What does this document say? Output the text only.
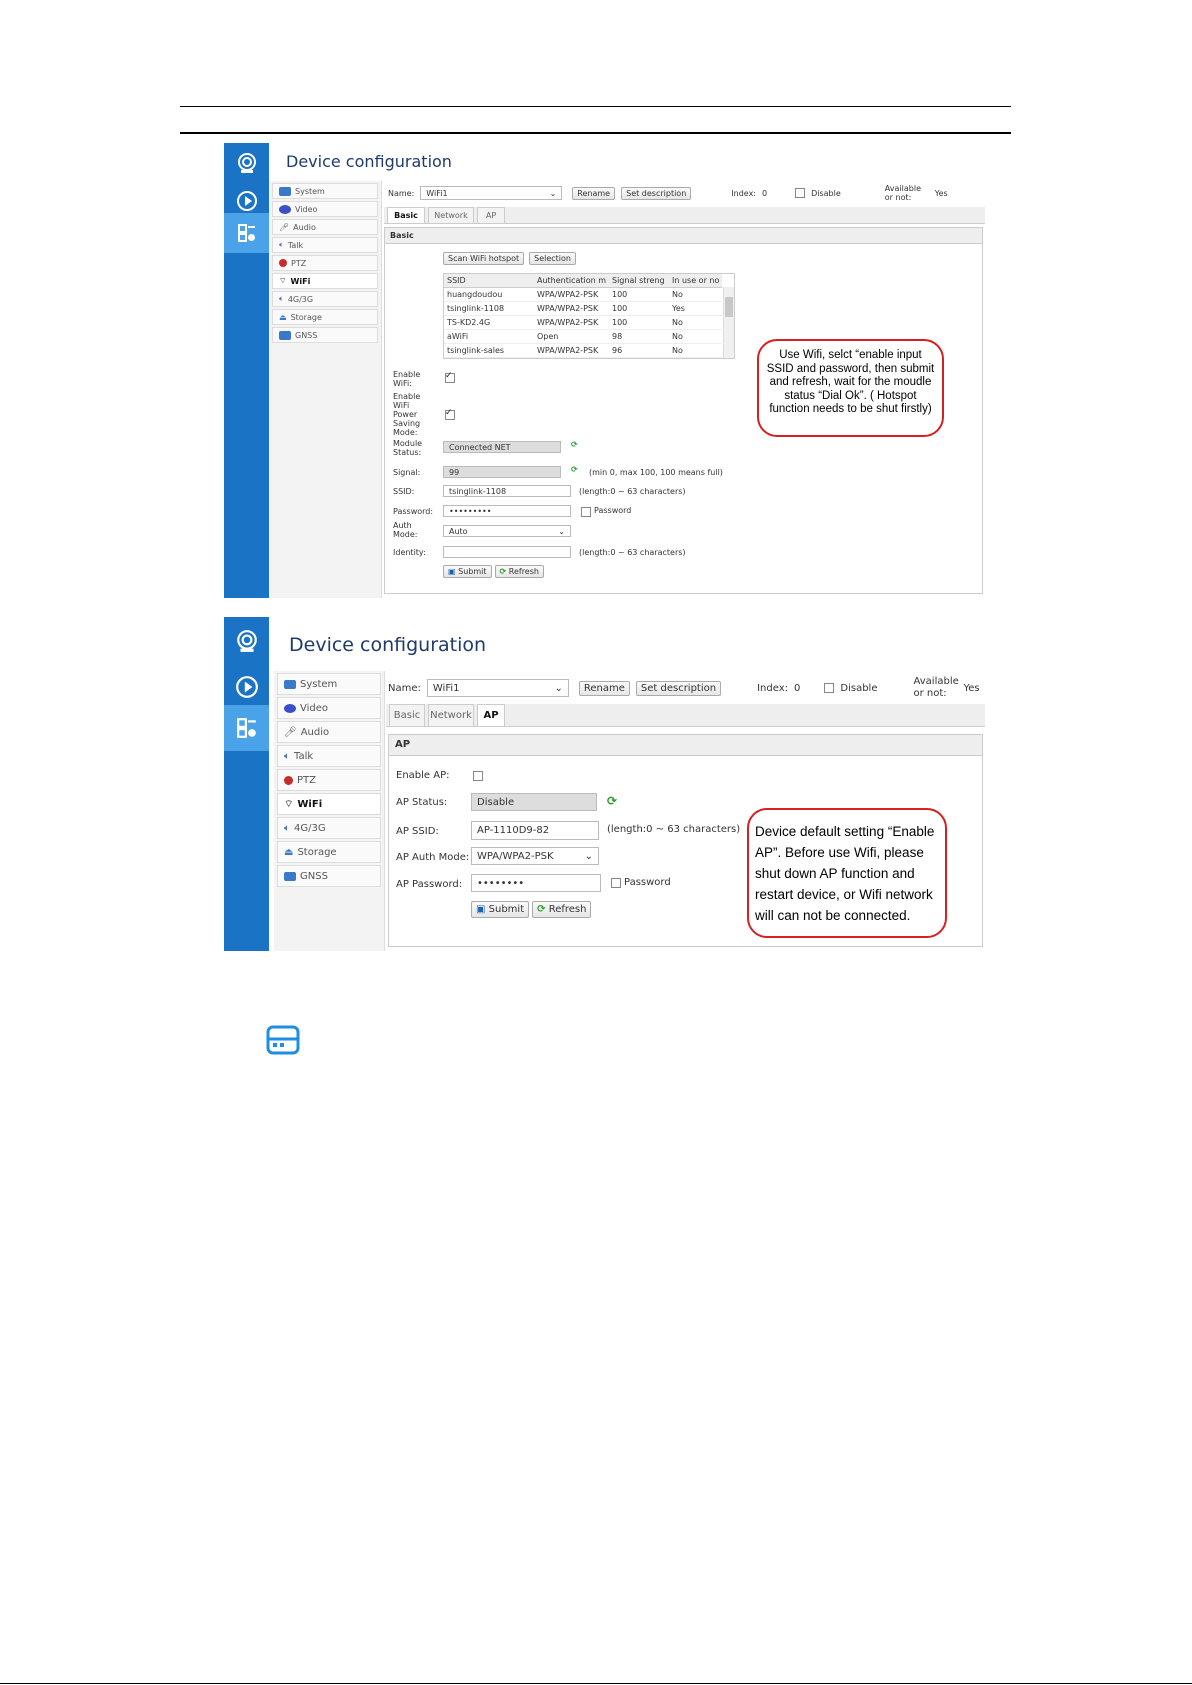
Device configuration
System
Video
🎤︎ Audio
🔈︎ Talk
PTZ
⌔ WiFi
🔈︎ 4G/3G
⏏ Storage
GNSS
Name: WiFi1	⌄	Rename	Set description	Index: 0	Disable	Available or not:	Yes
Basic	Network	AP
Basic
Scan WiFi hotspot	Selection
SSID	Authentication m	Signal streng	In use or no
huangdoudou	WPA/WPA2-PSK	100	No
tsinglink-1108	WPA/WPA2-PSK	100	Yes
TS-KD2.4G	WPA/WPA2-PSK	100	No
aWiFi	Open	98	No
tsinglink-sales	WPA/WPA2-PSK	96	No
Enable WiFi:
✓
Enable WiFi Power Saving Mode:
✓
Module Status:
Connected NET	⟳
Signal:	99	⟳ (min 0, max 100, 100 means full)
SSID:	tsinglink-1108	(length:0 ~ 63 characters)
Password:	•••••••••	Password
Auth Mode:	Auto	⌄
Identity:	(length:0 ~ 63 characters)
▣ Submit	⟳ Refresh
Use Wifi, selct “enable input SSID and password, then submit and refresh, wait for the moudle status “Dial Ok”. ( Hotspot function needs to be shut firstly)
Device configuration
System
Video
🎤︎ Audio
🔈︎ Talk
PTZ
⌔ WiFi
🔈︎ 4G/3G
⏏ Storage
GNSS
Name: WiFi1	⌄	Rename	Set description	Index: 0	Disable
Available or not:	Yes
Basic Network	AP
AP
Enable AP:
AP Status:	Disable	⟳
AP SSID:	AP-1110D9-82	(length:0 ~ 63 characters)
AP Auth Mode: WPA/WPA2-PSK	⌄
AP Password:	••••••••	Password
▣ Submit	⟳ Refresh
Device default setting “Enable AP”. Before use Wifi, please shut down AP function and restart device, or Wifi network will can not be connected.
